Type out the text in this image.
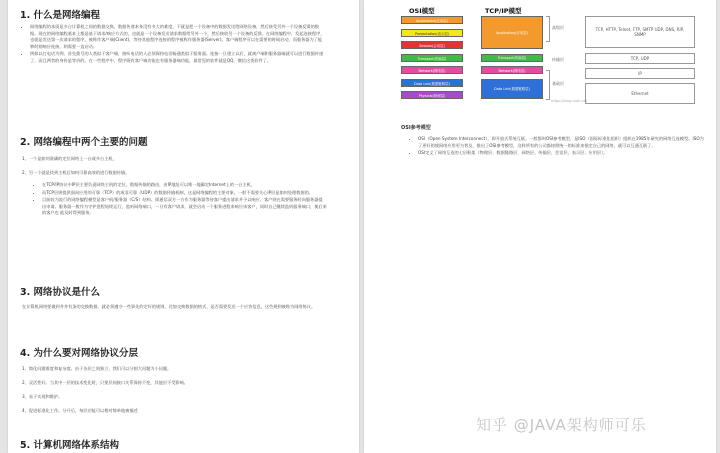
1. 什么是网络编程
• 网络编程的本质是多台计算机之间的数据交换。数据传递本身没有多大的难度，不就是把一个设备中的数据发送给网络设备，然后接受另外一个设备反馈的数据。现在的网络编程基本上都是基于请求/响应方式的，也就是一个设备发送请求数据给另外一个，然后接收另一个设备的反馈。在网络编程中，发起连接程序，也就是发送第一次请求的程序，被称作客户端(Client)，等待其他程序连接的程序被称作服务器(Server)。客户端程序可以在需要的时候启动，而服务器为了能够时刻响应连接，则需要一直启动。
• 例如以打电话为例，首先拨号的人类似于客户端，接听电话的人必须保持电话畅通类似于服务器。连接一旦建立以后，就离户端和服务器端就可以进行数据传递了，而且两者的身份是等价的。在一些程序中，程序既有客户端功能也有服务器端功能，最常见的软件就是QQ、微信这类软件了。
2. 网络编程中两个主要的问题
1、一个是如何准确的定位网络上一台或多台主机，
2、另一个就是找到主机后如何可靠高效的进行数据传输。
• 在TCP/IP协议中IP层主要负责网络主机的定位，数据传输的路由，由IP地址可以唯一地确定Internet上的一台主机。
• 而TCP层则提供面向应用的可靠（TCP）的或非可靠（UDP）的数据传输机制，这是网络编程的主要对象，一般不需要关心IP层是如何处理数据的。
• 目前较为流行的网络编程模型是客户机/服务器（C/S）结构。即通信双方一方作为服务器等待客户提出请求并予以响应。客户则在需要服务时向服务器提 出申请。服务器一般作为守护进程始终运行，监听网络端口，一旦有客户请求，就会启动一个服务进程来响应该客户，同时自己继续监听服务端口，使后来的客户也 能及时得到服务。
3. 网络协议是什么
在计算机网络要做到井井有条的交换数据，就必须遵守一些事先约定好的规则，比如交换数据的格式、是否需要发送一个应答信息。这些规则被称为网络协议。
4. 为什么要对网络协议分层
1、简化问题难度和复杂度。由于各层之间独立，我们可以分割大问题为小问题。
2、灵活性好。当其中一层的技术变化时，只要层间接口关系保持不变，其他层不受影响。
3、易于实现和维护。
4、促进标准化工作。分开后，每层功能可以相对简单地被描述
5. 计算机网络体系结构
OSI模型	TCP/IP模型
Application(应用层)
Presentation(表示层)
Session(会话层)
Transport(传输层)
Network(网络层)
Data Link(数据链路层)
Physical(物理层)
Application(应用层)
Transport(传输层)
Network(网络层)
Data Link(数据链路层)
高级层
传输层
基础层
TCP, HTTP, Telnet, FTP, SMTP UDP, DNS, RIP, SNMP
TCP, UDP
IP
Ethernet
https://blog.csdn.net
OSI参考模型
• OSI（Open System Interconnect），即开放式系统互联。一般都叫OSI参考模型，是ISO（国际标准化组织）组织在1985年研究的网络互连模型。ISO为了更好的使网络应用更为普及，推出了OSI参考模型，这样所有的公司都按照统一的标准来指定自己的网络，就可以互通互联了。
• OSI定义了网络互连的七层框架（物理层、数据链路层、网络层、传输层、会话层、表示层、应用层）。
知乎 @JAVA架构师可乐
